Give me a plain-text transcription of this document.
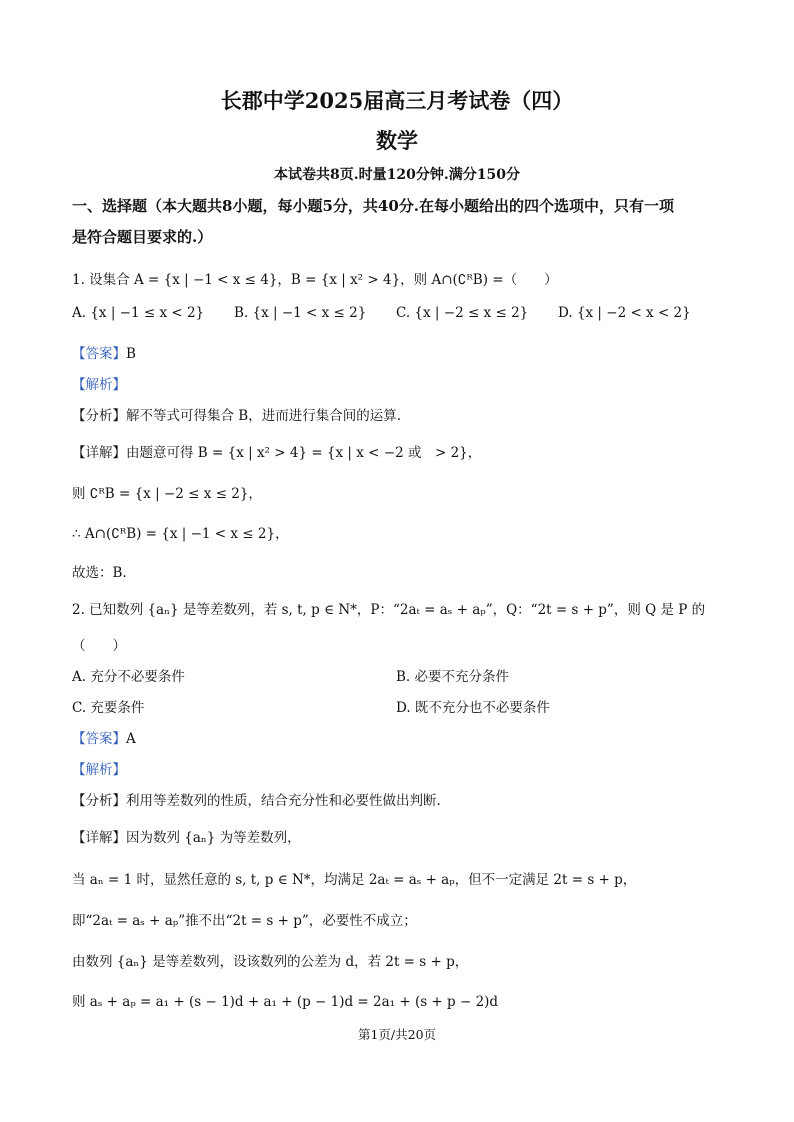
长郡中学2025届高三月考试卷（四）
数学
本试卷共8页.时量120分钟.满分150分
一、选择题（本大题共8小题，每小题5分，共40分.在每小题给出的四个选项中，只有一项
是符合题目要求的.）
1. 设集合 A = {x | −1 < x ≤ 4}，B = {x | x² > 4}，则 A∩(∁ᴿB) =（　　）
A. {x | −1 ≤ x < 2} B. {x | −1 < x ≤ 2} C. {x | −2 ≤ x ≤ 2} D. {x | −2 < x < 2}
【答案】B
【解析】
【分析】解不等式可得集合 B，进而进行集合间的运算.
【详解】由题意可得 B = {x | x² > 4} = {x | x < −2 或　> 2}，
则 ∁ᴿB = {x | −2 ≤ x ≤ 2}，
∴ A∩(∁ᴿB) = {x | −1 < x ≤ 2}，
故选：B.
2. 已知数列 {aₙ} 是等差数列，若 s, t, p ∈ N*，P：“2aₜ = aₛ + aₚ”，Q：“2t = s + p”，则 Q 是 P 的
（　　）
A. 充分不必要条件	B. 必要不充分条件
C. 充要条件	D. 既不充分也不必要条件
【答案】A
【解析】
【分析】利用等差数列的性质，结合充分性和必要性做出判断.
【详解】因为数列 {aₙ} 为等差数列，
当 aₙ = 1 时，显然任意的 s, t, p ∈ N*，均满足 2aₜ = aₛ + aₚ，但不一定满足 2t = s + p，
即“2aₜ = aₛ + aₚ”推不出“2t = s + p”，必要性不成立；
由数列 {aₙ} 是等差数列，设该数列的公差为 d，若 2t = s + p，
则 aₛ + aₚ = a₁ + (s − 1)d + a₁ + (p − 1)d = 2a₁ + (s + p − 2)d
第1页/共20页
